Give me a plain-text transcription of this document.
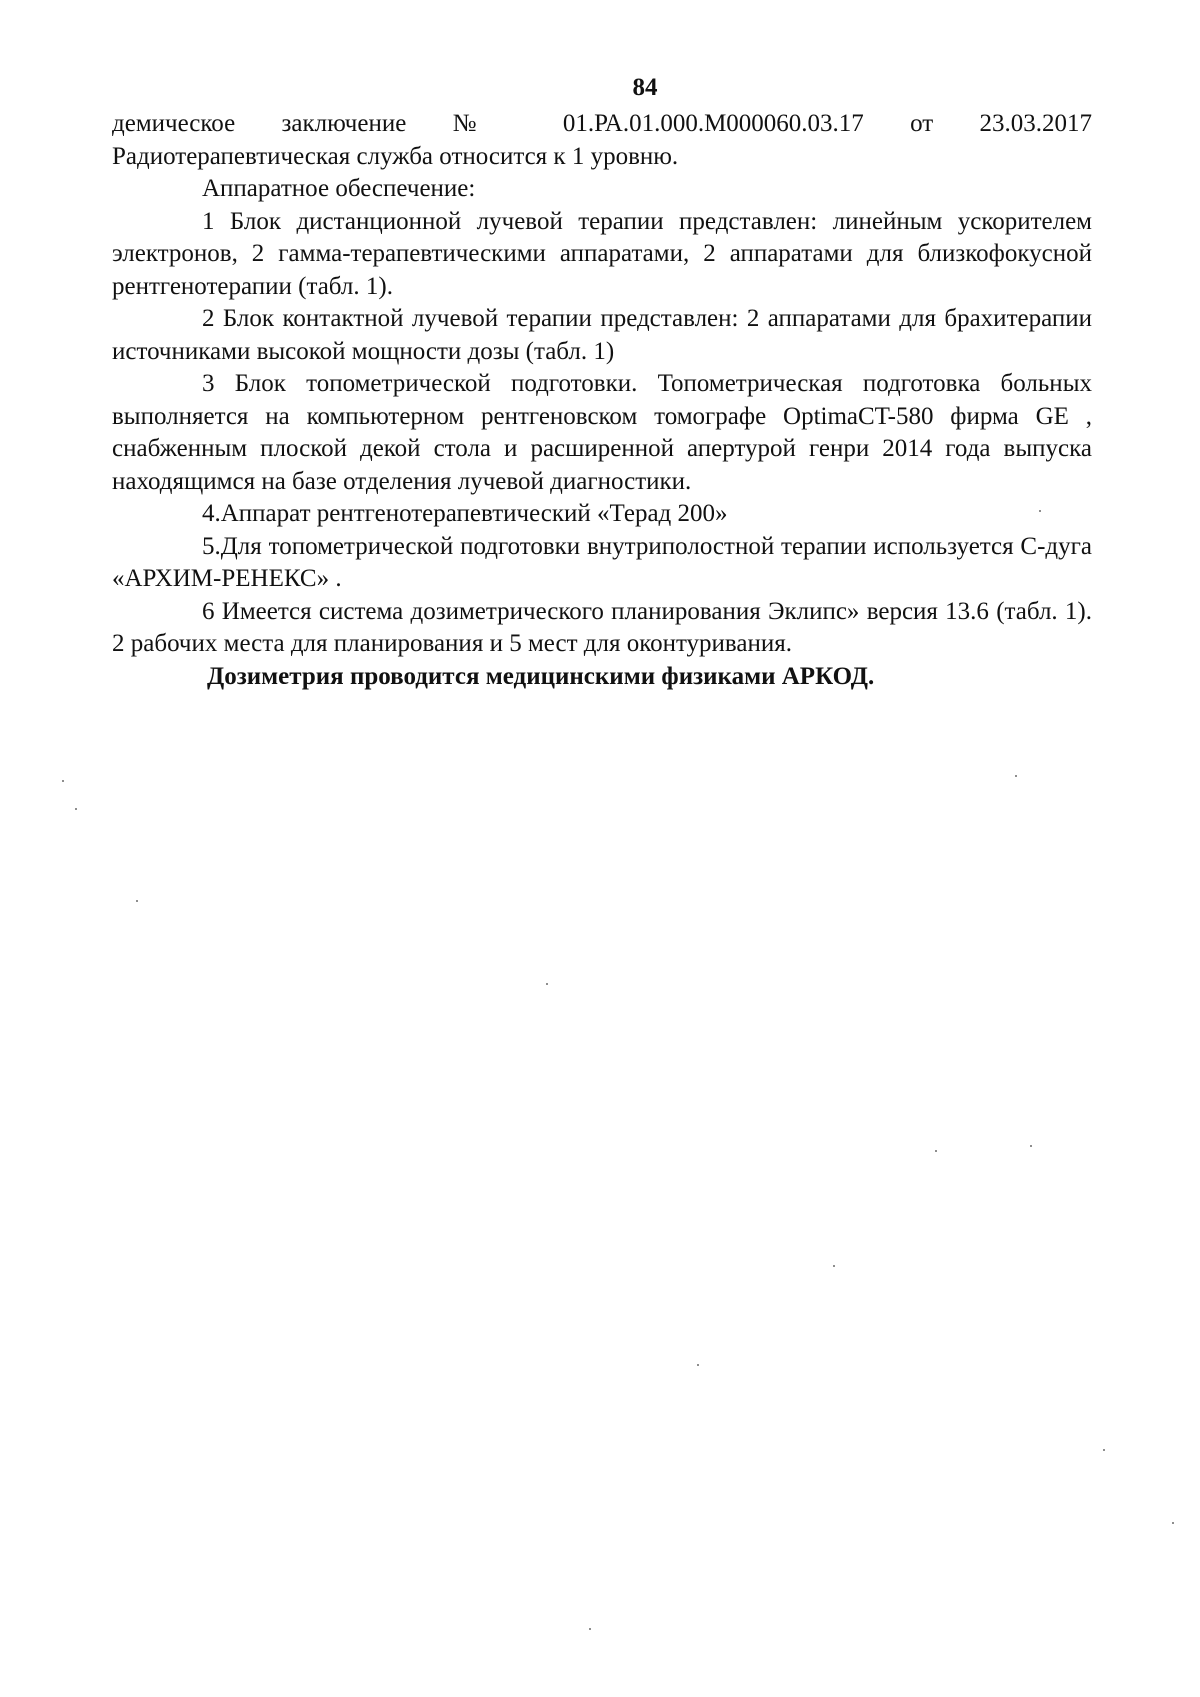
84

демическое заключение № 01.РА.01.000.М000060.03.17 от 23.03.2017 Радиотерапевтическая служба относится к 1 уровню.

Аппаратное обеспечение:

1 Блок дистанционной лучевой терапии представлен: линейным ускорителем электронов, 2 гамма-терапевтическими аппаратами, 2 аппаратами для близкофокусной рентгенотерапии (табл. 1).

2 Блок контактной лучевой терапии представлен: 2 аппаратами для брахитерапии источниками высокой мощности дозы (табл. 1)

3 Блок топометрической подготовки. Топометрическая подготовка больных выполняется на компьютерном рентгеновском томографе OptimaCT-580 фирма GE , снабженным плоской декой стола и расширенной апертурой генри 2014 года выпуска находящимся на базе отделения лучевой диагностики.

4.Аппарат рентгенотерапевтический «Терад 200»

5.Для топометрической подготовки внутриполостной терапии используется С-дуга «АРХИМ-РЕНЕКС» .

6 Имеется система дозиметрического планирования Эклипс» версия 13.6 (табл. 1). 2 рабочих места для планирования и 5 мест для оконтуривания.

Дозиметрия проводится медицинскими физиками АРКОД.
